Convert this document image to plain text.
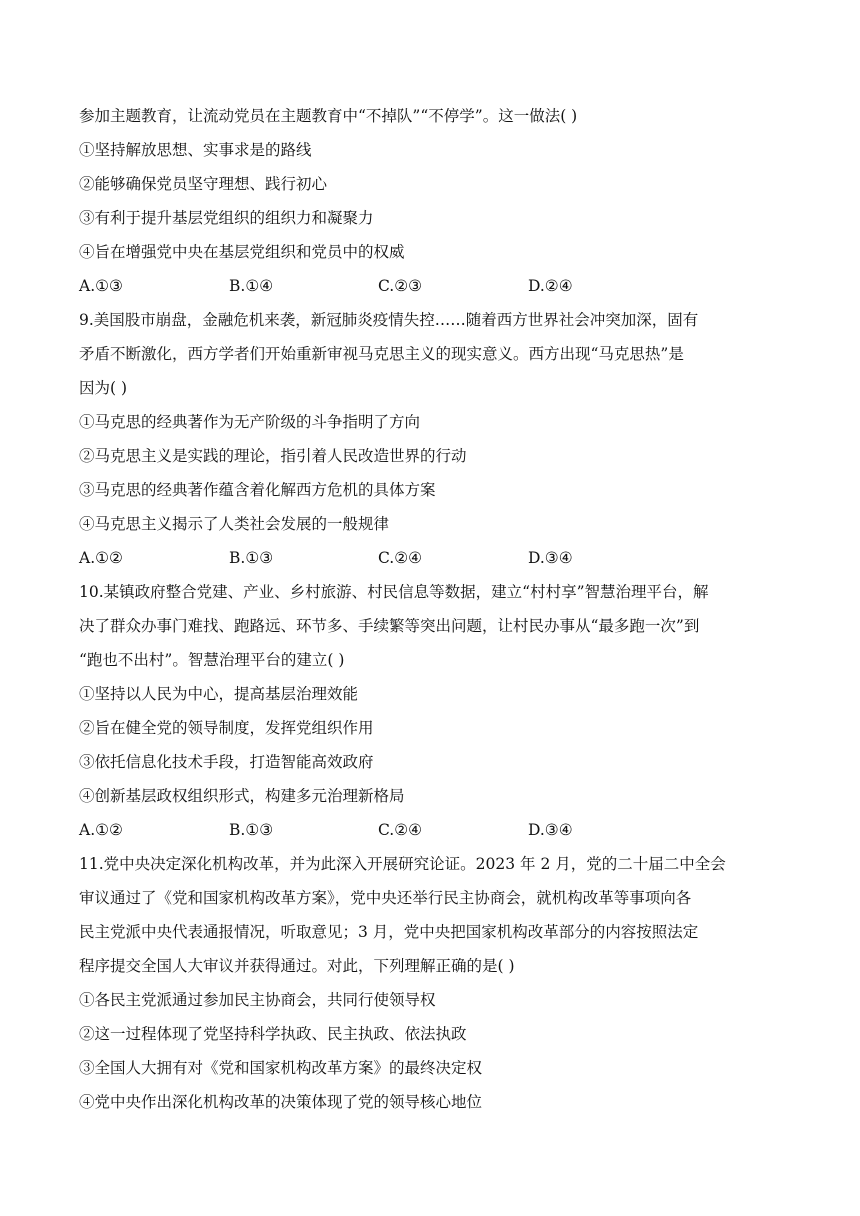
参加主题教育，让流动党员在主题教育中“不掉队”“不停学”。这一做法( )
①坚持解放思想、实事求是的路线
②能够确保党员坚守理想、践行初心
③有利于提升基层党组织的组织力和凝聚力
④旨在增强党中央在基层党组织和党员中的权威
A.①③	B.①④	C.②③	D.②④
9.美国股市崩盘，金融危机来袭，新冠肺炎疫情失控……随着西方世界社会冲突加深，固有
矛盾不断激化，西方学者们开始重新审视马克思主义的现实意义。西方出现“马克思热”是
因为( )
①马克思的经典著作为无产阶级的斗争指明了方向
②马克思主义是实践的理论，指引着人民改造世界的行动
③马克思的经典著作蕴含着化解西方危机的具体方案
④马克思主义揭示了人类社会发展的一般规律
A.①②	B.①③	C.②④	D.③④
10.某镇政府整合党建、产业、乡村旅游、村民信息等数据，建立“村村享”智慧治理平台，解
决了群众办事门难找、跑路远、环节多、手续繁等突出问题，让村民办事从“最多跑一次”到
“跑也不出村”。智慧治理平台的建立( )
①坚持以人民为中心，提高基层治理效能
②旨在健全党的领导制度，发挥党组织作用
③依托信息化技术手段，打造智能高效政府
④创新基层政权组织形式，构建多元治理新格局
A.①②	B.①③	C.②④	D.③④
11.党中央决定深化机构改革，并为此深入开展研究论证。2023 年 2 月，党的二十届二中全会
审议通过了《党和国家机构改革方案》，党中央还举行民主协商会，就机构改革等事项向各
民主党派中央代表通报情况，听取意见；3 月，党中央把国家机构改革部分的内容按照法定
程序提交全国人大审议并获得通过。对此，下列理解正确的是( )
①各民主党派通过参加民主协商会，共同行使领导权
②这一过程体现了党坚持科学执政、民主执政、依法执政
③全国人大拥有对《党和国家机构改革方案》的最终决定权
④党中央作出深化机构改革的决策体现了党的领导核心地位
